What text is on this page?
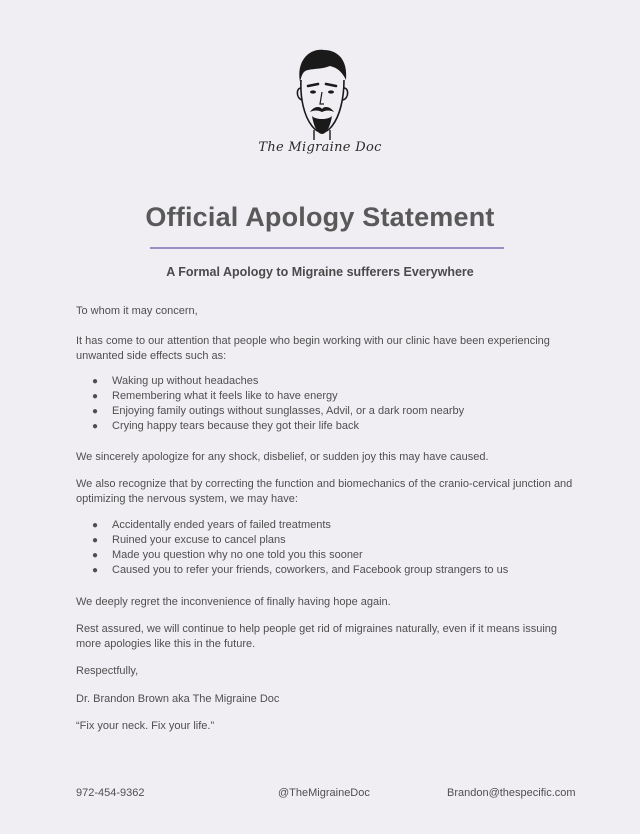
The Migraine Doc
Official Apology Statement
A Formal Apology to Migraine sufferers Everywhere

To whom it may concern,

It has come to our attention that people who begin working with our clinic have been experiencing unwanted side effects such as:

● Waking up without headaches
● Remembering what it feels like to have energy
● Enjoying family outings without sunglasses, Advil, or a dark room nearby
● Crying happy tears because they got their life back

We sincerely apologize for any shock, disbelief, or sudden joy this may have caused.

We also recognize that by correcting the function and biomechanics of the cranio-cervical junction and optimizing the nervous system, we may have:

● Accidentally ended years of failed treatments
● Ruined your excuse to cancel plans
● Made you question why no one told you this sooner
● Caused you to refer your friends, coworkers, and Facebook group strangers to us

We deeply regret the inconvenience of finally having hope again.

Rest assured, we will continue to help people get rid of migraines naturally, even if it means issuing more apologies like this in the future.

Respectfully,

Dr. Brandon Brown aka The Migraine Doc

“Fix your neck. Fix your life.”

972-454-9362	@TheMigraineDoc	Brandon@thespecific.com
